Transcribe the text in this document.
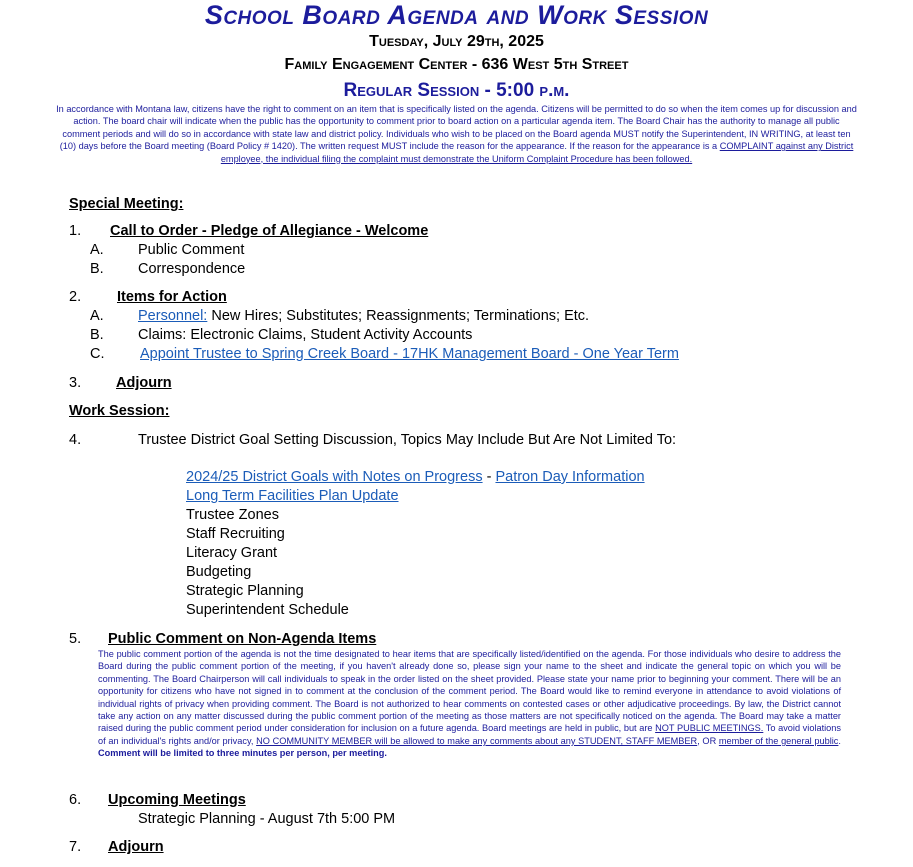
School Board Agenda and Work Session
Tuesday, July 29th, 2025
Family Engagement Center - 636 West 5th Street
Regular Session - 5:00 p.m.
In accordance with Montana law, citizens have the right to comment on an item that is specifically listed on the agenda. Citizens will be permitted to do so when the item comes up for discussion and action. The board chair will indicate when the public has the opportunity to comment prior to board action on a particular agenda item. The Board Chair has the authority to manage all public comment periods and will do so in accordance with state law and district policy. Individuals who wish to be placed on the Board agenda MUST notify the Superintendent, IN WRITING, at least ten (10) days before the Board meeting (Board Policy # 1420). The written request MUST include the reason for the appearance. If the reason for the appearance is a COMPLAINT against any District employee, the individual filing the complaint must demonstrate the Uniform Complaint Procedure has been followed.
Special Meeting:
1. Call to Order - Pledge of Allegiance - Welcome
A. Public Comment
B. Correspondence
2. Items for Action
A. Personnel: New Hires; Substitutes; Reassignments; Terminations; Etc.
B. Claims: Electronic Claims, Student Activity Accounts
C. Appoint Trustee to Spring Creek Board - 17HK Management Board - One Year Term
3. Adjourn
Work Session:
4.	Trustee District Goal Setting Discussion, Topics May Include But Are Not Limited To:
2024/25 District Goals with Notes on Progress - Patron Day Information
Long Term Facilities Plan Update
Trustee Zones
Staff Recruiting
Literacy Grant
Budgeting
Strategic Planning
Superintendent Schedule
5. Public Comment on Non-Agenda Items
The public comment portion of the agenda is not the time designated to hear items that are specifically listed/identified on the agenda. For those individuals who desire to address the Board during the public comment portion of the meeting, if you haven't already done so, please sign your name to the sheet and indicate the general topic on which you will be commenting. The Board Chairperson will call individuals to speak in the order listed on the sheet provided. Please state your name prior to beginning your comment. There will be an opportunity for citizens who have not signed in to comment at the conclusion of the comment period. The Board would like to remind everyone in attendance to avoid violations of individual rights of privacy when providing comment. The Board is not authorized to hear comments on contested cases or other adjudicative proceedings. By law, the District cannot take any action on any matter discussed during the public comment portion of the meeting as those matters are not specifically noticed on the agenda. The Board may take a matter raised during the public comment period under consideration for inclusion on a future agenda. Board meetings are held in public, but are NOT PUBLIC MEETINGS. To avoid violations of an individual's rights and/or privacy, NO COMMUNITY MEMBER will be allowed to make any comments about any STUDENT, STAFF MEMBER, OR member of the general public. Comment will be limited to three minutes per person, per meeting.
6. Upcoming Meetings
Strategic Planning - August 7th 5:00 PM
7. Adjourn
